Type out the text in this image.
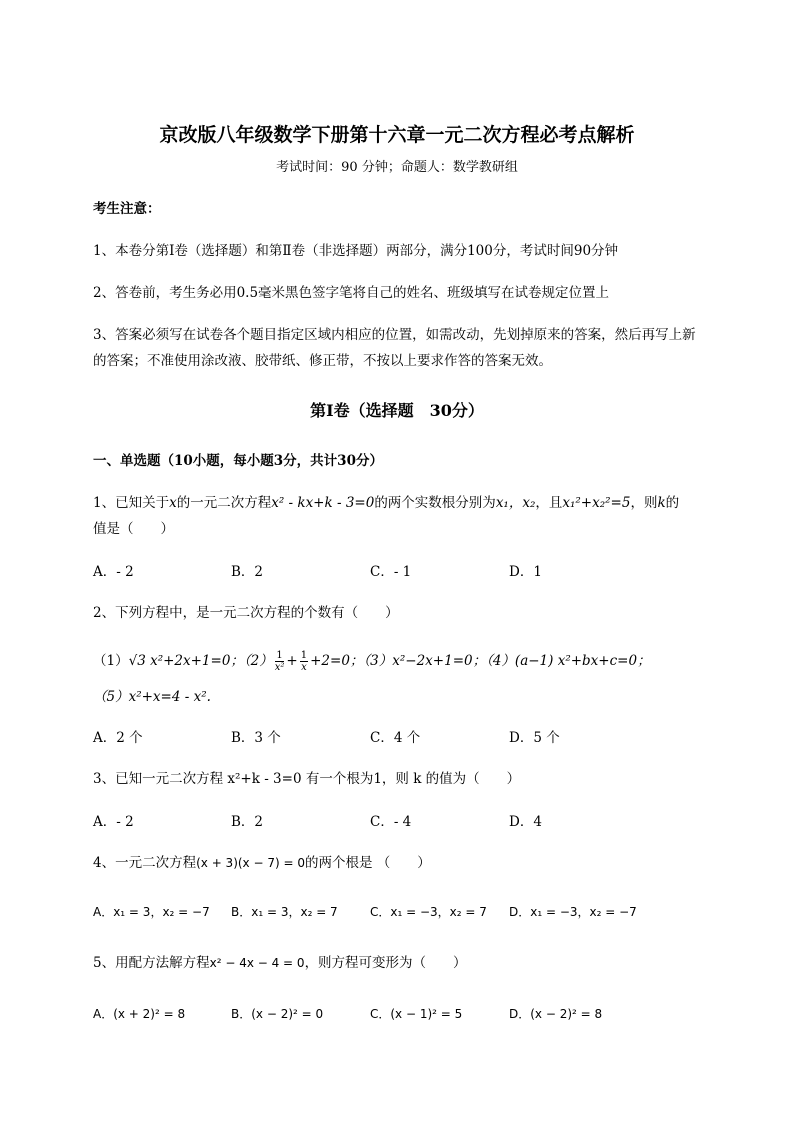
京改版八年级数学下册第十六章一元二次方程必考点解析
考试时间：90 分钟；命题人：数学教研组
考生注意：
1、本卷分第Ⅰ卷（选择题）和第Ⅱ卷（非选择题）两部分，满分100分，考试时间90分钟
2、答卷前，考生务必用0.5毫米黑色签字笔将自己的姓名、班级填写在试卷规定位置上
3、答案必须写在试卷各个题目指定区域内相应的位置，如需改动，先划掉原来的答案，然后再写上新的答案；不准使用涂改液、胶带纸、修正带，不按以上要求作答的答案无效。
第Ⅰ卷（选择题　30分）
一、单选题（10小题，每小题3分，共计30分）
1、已知关于x的一元二次方程x² - kx+k - 3=0的两个实数根分别为x₁，x₂，且x₁²+x₂²=5，则k的
值是（　　）
A．- 2	B．2	C．- 1	D．1
2、下列方程中，是一元二次方程的个数有（　　）
（1）√3 x²+2x+1=0；$(2) \frac{1}{\text{x²}} + \frac{1}{x} +2=0$；（3）x²−2x+1=0；（4）(a−1) x²+bx+c=0；
（5）x²+x=4 - x².
A．2 个	B．3 个	C．4 个	D．5 个
3、已知一元二次方程 x²+k - 3=0 有一个根为1，则 k 的值为（　　）
A．- 2	B．2	C．- 4	D．4
4、一元二次方程(x + 3)(x − 7) = 0的两个根是 （　　）
A．x₁ = 3，x₂ = −7 B．x₁ = 3，x₂ = 7	C．x₁ = −3，x₂ = 7 D．x₁ = −3，x₂ = −7
5、用配方法解方程x² − 4x − 4 = 0，则方程可变形为（　　）
A．(x + 2)² = 8	B．(x − 2)² = 0	C．(x − 1)² = 5	D．(x − 2)² = 8
